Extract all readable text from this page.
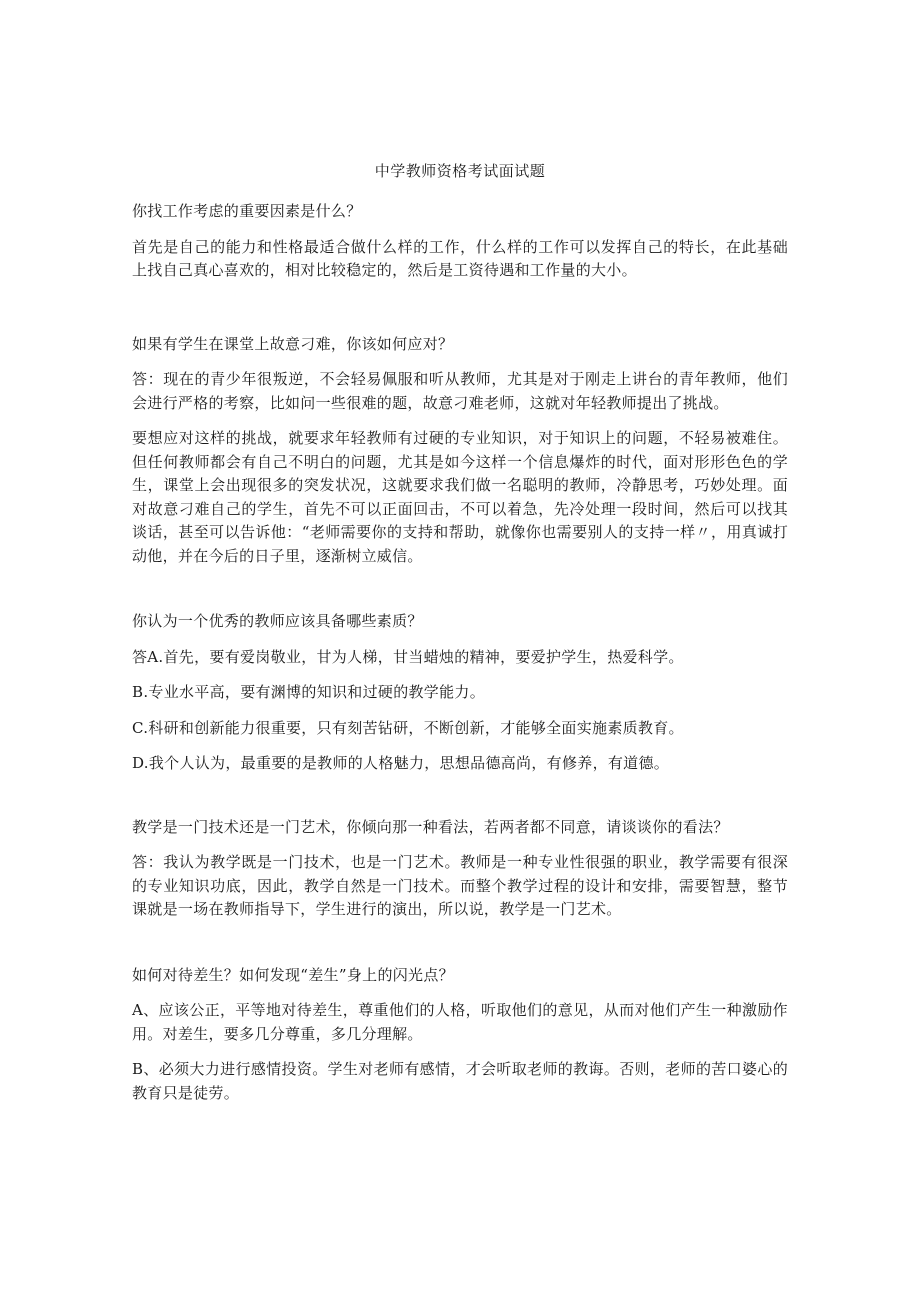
中学教师资格考试面试题

你找工作考虑的重要因素是什么？

首先是自己的能力和性格最适合做什么样的工作，什么样的工作可以发挥自己的特长，在此基础上找自己真心喜欢的，相对比较稳定的，然后是工资待遇和工作量的大小。

如果有学生在课堂上故意刁难，你该如何应对？

答：现在的青少年很叛逆，不会轻易佩服和听从教师，尤其是对于刚走上讲台的青年教师，他们会进行严格的考察，比如问一些很难的题，故意刁难老师，这就对年轻教师提出了挑战。

要想应对这样的挑战，就要求年轻教师有过硬的专业知识，对于知识上的问题，不轻易被难住。但任何教师都会有自己不明白的问题，尤其是如今这样一个信息爆炸的时代，面对形形色色的学生，课堂上会出现很多的突发状况，这就要求我们做一名聪明的教师，冷静思考，巧妙处理。面对故意刁难自己的学生，首先不可以正面回击，不可以着急，先冷处理一段时间，然后可以找其谈话，甚至可以告诉他：“老师需要你的支持和帮助，就像你也需要别人的支持一样〃，用真诚打动他，并在今后的日子里，逐渐树立威信。

你认为一个优秀的教师应该具备哪些素质？

答A.首先，要有爱岗敬业，甘为人梯，甘当蜡烛的精神，要爱护学生，热爱科学。

B.专业水平高，要有渊博的知识和过硬的教学能力。

C.科研和创新能力很重要，只有刻苦钻研，不断创新，才能够全面实施素质教育。

D.我个人认为，最重要的是教师的人格魅力，思想品德高尚，有修养，有道德。

教学是一门技术还是一门艺术，你倾向那一种看法，若两者都不同意，请谈谈你的看法？

答：我认为教学既是一门技术，也是一门艺术。教师是一种专业性很强的职业，教学需要有很深的专业知识功底，因此，教学自然是一门技术。而整个教学过程的设计和安排，需要智慧，整节课就是一场在教师指导下，学生进行的演出，所以说，教学是一门艺术。

如何对待差生？如何发现“差生”身上的闪光点？

A、应该公正，平等地对待差生，尊重他们的人格，听取他们的意见，从而对他们产生一种激励作用。对差生，要多几分尊重，多几分理解。

B、必须大力进行感情投资。学生对老师有感情，才会听取老师的教诲。否则，老师的苦口婆心的教育只是徒劳。
